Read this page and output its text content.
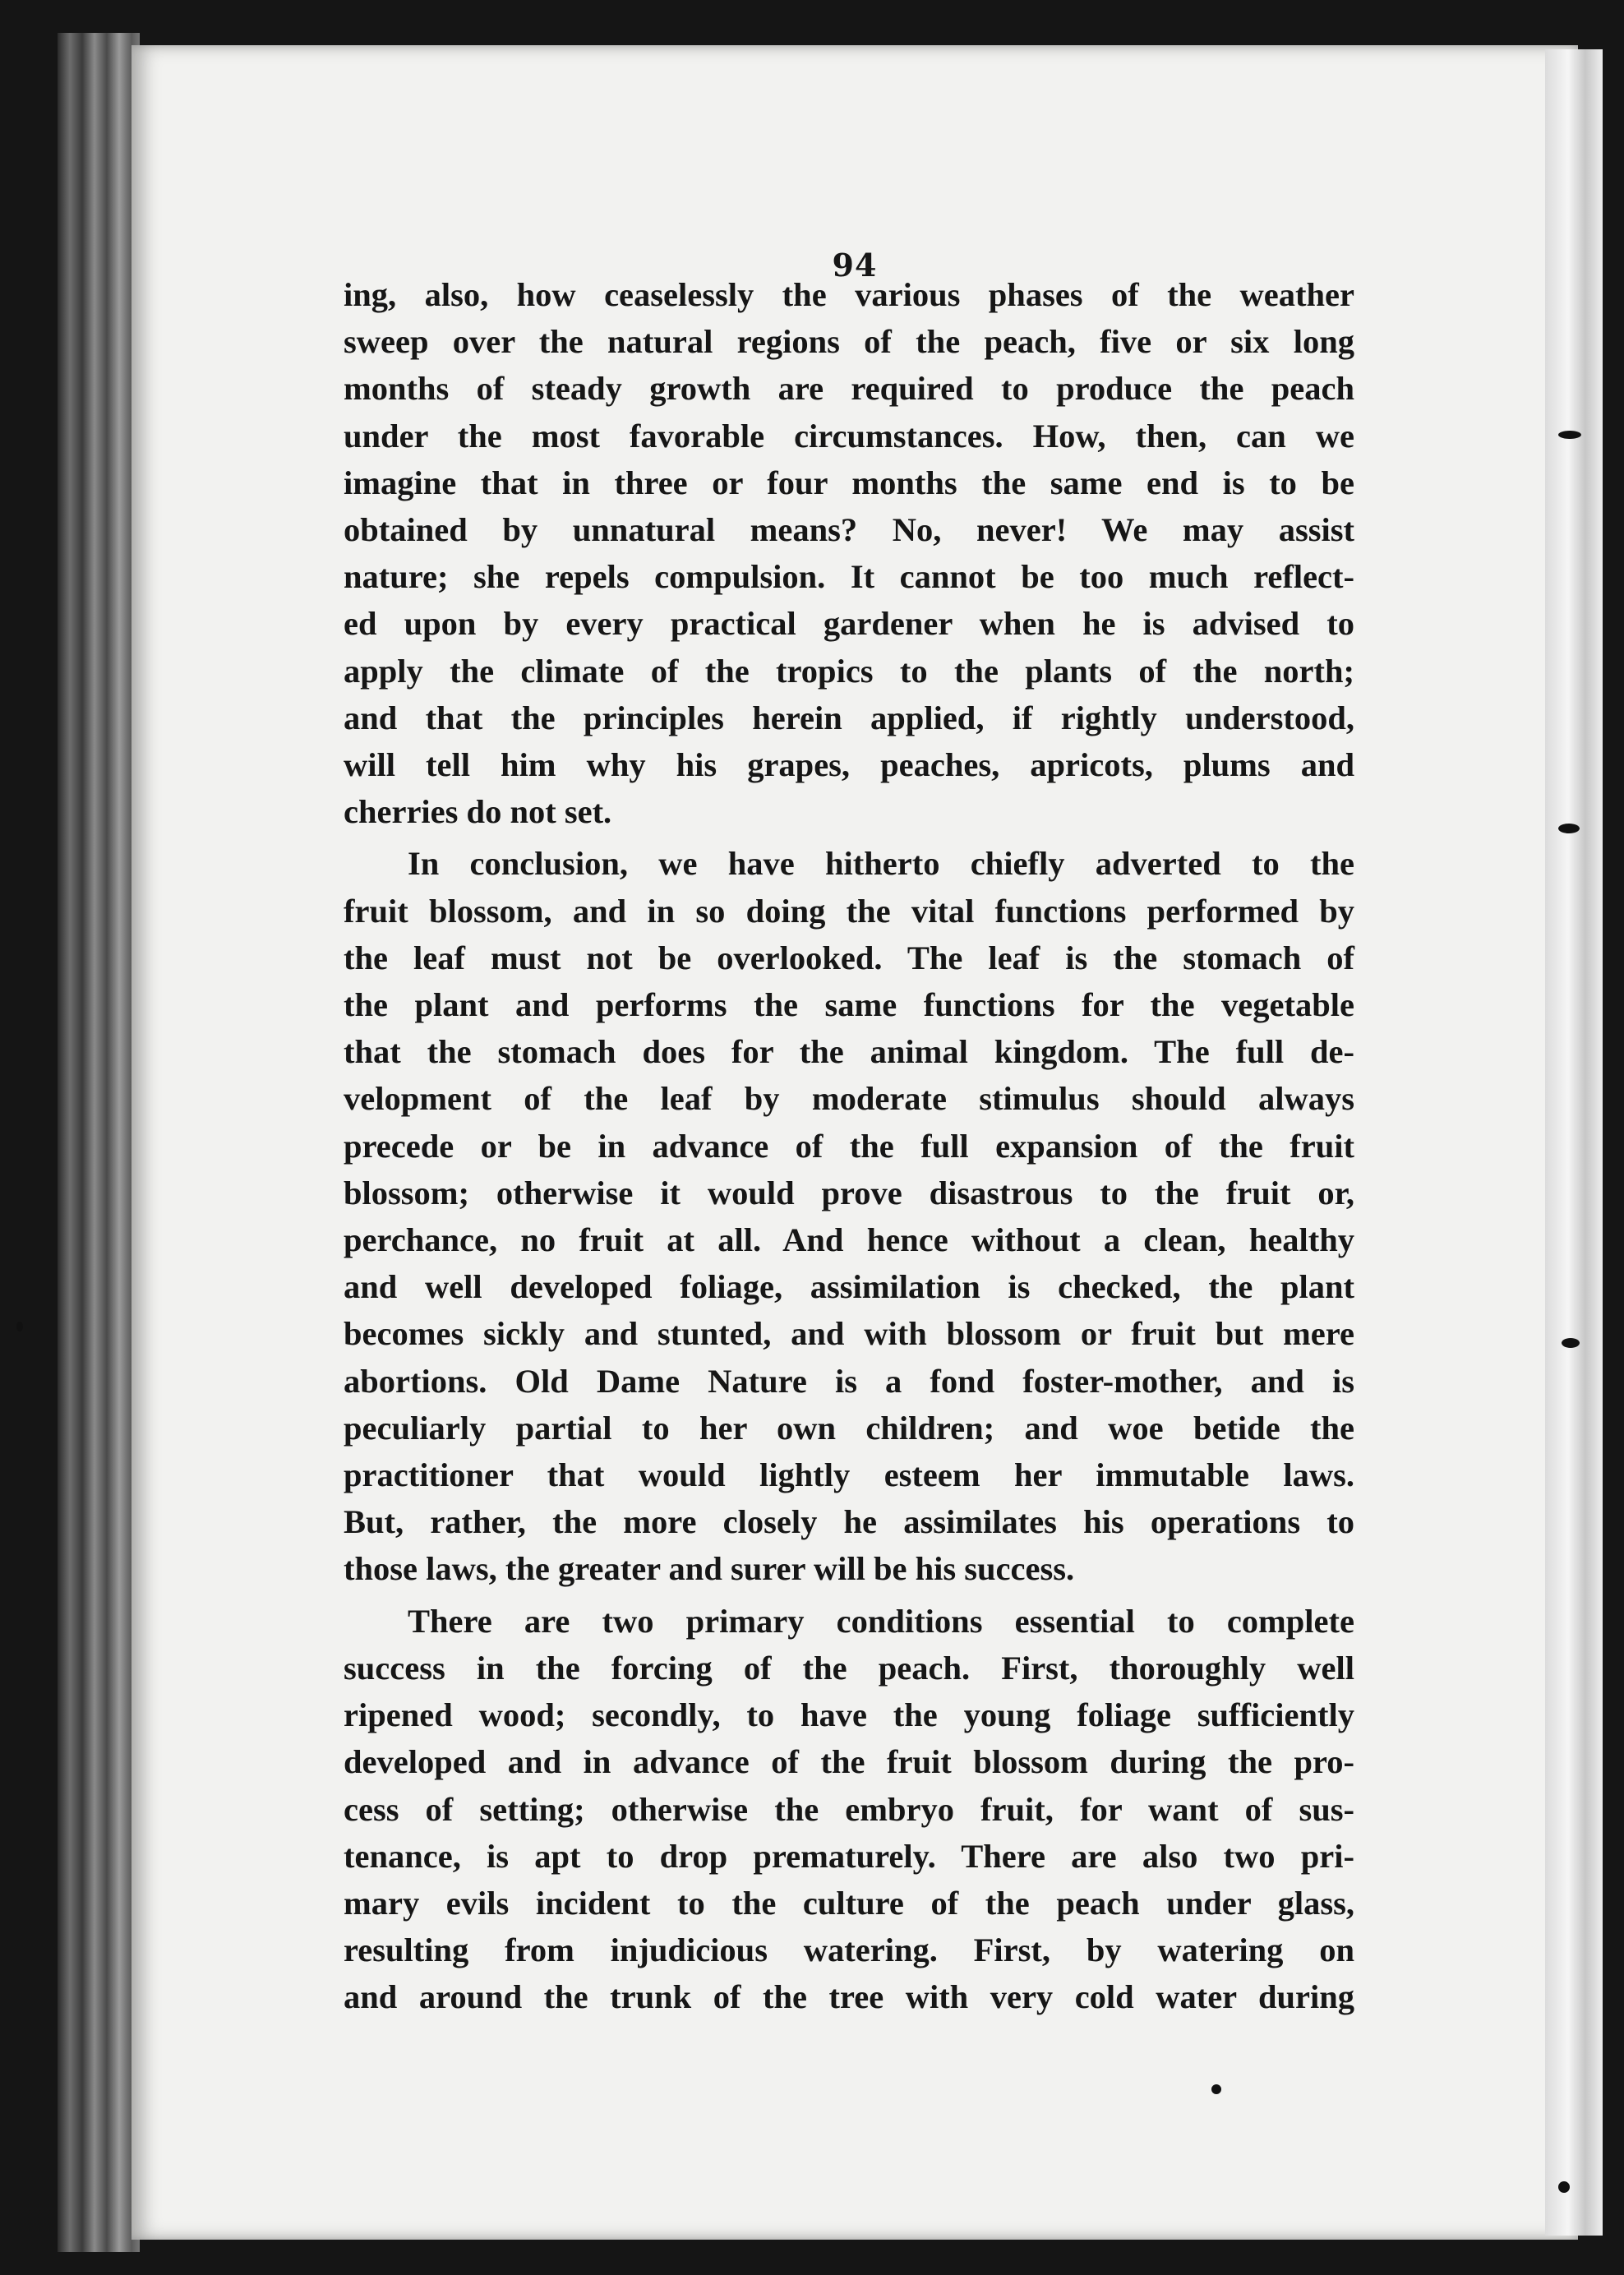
94
ing, also, how ceaselessly the various phases of the weather
sweep over the natural regions of the peach, five or six long
months of steady growth are required to produce the peach
under the most favorable circumstances. How, then, can we
imagine that in three or four months the same end is to be
obtained by unnatural means? No, never! We may assist
nature; she repels compulsion. It cannot be too much reflect-
ed upon by every practical gardener when he is advised to
apply the climate of the tropics to the plants of the north;
and that the principles herein applied, if rightly understood,
will tell him why his grapes, peaches, apricots, plums and
cherries do not set.
In conclusion, we have hitherto chiefly adverted to the
fruit blossom, and in so doing the vital functions performed by
the leaf must not be overlooked. The leaf is the stomach of
the plant and performs the same functions for the vegetable
that the stomach does for the animal kingdom. The full de-
velopment of the leaf by moderate stimulus should always
precede or be in advance of the full expansion of the fruit
blossom; otherwise it would prove disastrous to the fruit or,
perchance, no fruit at all. And hence without a clean, healthy
and well developed foliage, assimilation is checked, the plant
becomes sickly and stunted, and with blossom or fruit but mere
abortions. Old Dame Nature is a fond foster-mother, and is
peculiarly partial to her own children; and woe betide the
practitioner that would lightly esteem her immutable laws.
But, rather, the more closely he assimilates his operations to
those laws, the greater and surer will be his success.
There are two primary conditions essential to complete
success in the forcing of the peach. First, thoroughly well
ripened wood; secondly, to have the young foliage sufficiently
developed and in advance of the fruit blossom during the pro-
cess of setting; otherwise the embryo fruit, for want of sus-
tenance, is apt to drop prematurely. There are also two pri-
mary evils incident to the culture of the peach under glass,
resulting from injudicious watering. First, by watering on
and around the trunk of the tree with very cold water during
